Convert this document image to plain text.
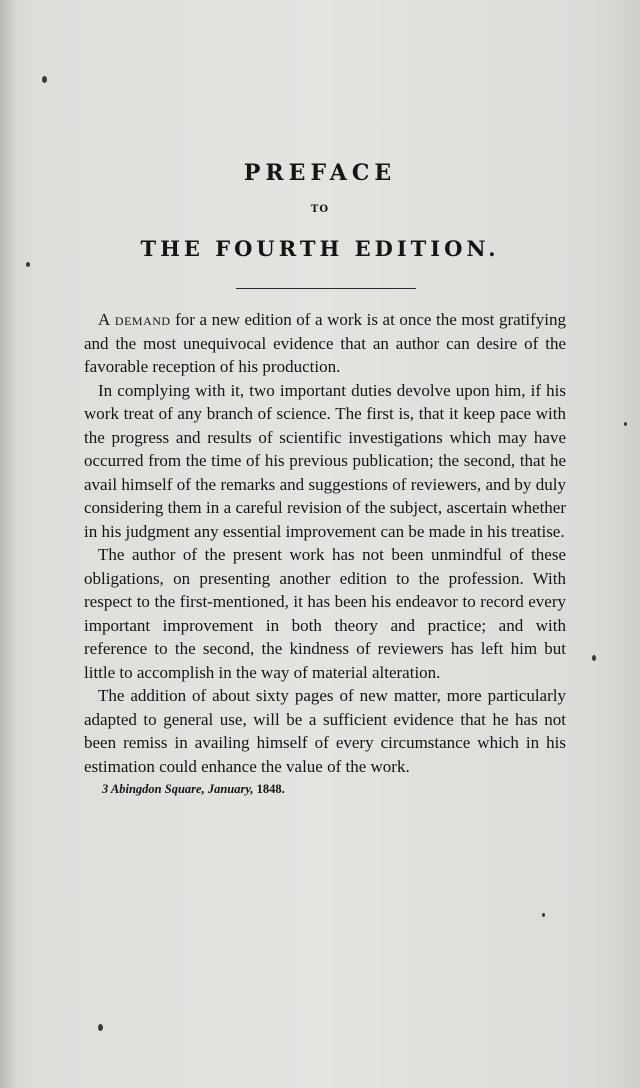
PREFACE
TO
THE FOURTH EDITION.

A demand for a new edition of a work is at once the most gratifying and the most unequivocal evidence that an author can desire of the favorable reception of his production.

In complying with it, two important duties devolve upon him, if his work treat of any branch of science. The first is, that it keep pace with the progress and results of scientific investigations which may have occurred from the time of his previous publication; the second, that he avail himself of the remarks and suggestions of reviewers, and by duly considering them in a careful revision of the subject, ascertain whether in his judgment any essential improvement can be made in his treatise.

The author of the present work has not been unmindful of these obligations, on presenting another edition to the profession. With respect to the first-mentioned, it has been his endeavor to record every important improvement in both theory and practice; and with reference to the second, the kindness of reviewers has left him but little to accomplish in the way of material alteration.

The addition of about sixty pages of new matter, more particularly adapted to general use, will be a sufficient evidence that he has not been remiss in availing himself of every circumstance which in his estimation could enhance the value of the work.

3 Abingdon Square, January, 1848.
